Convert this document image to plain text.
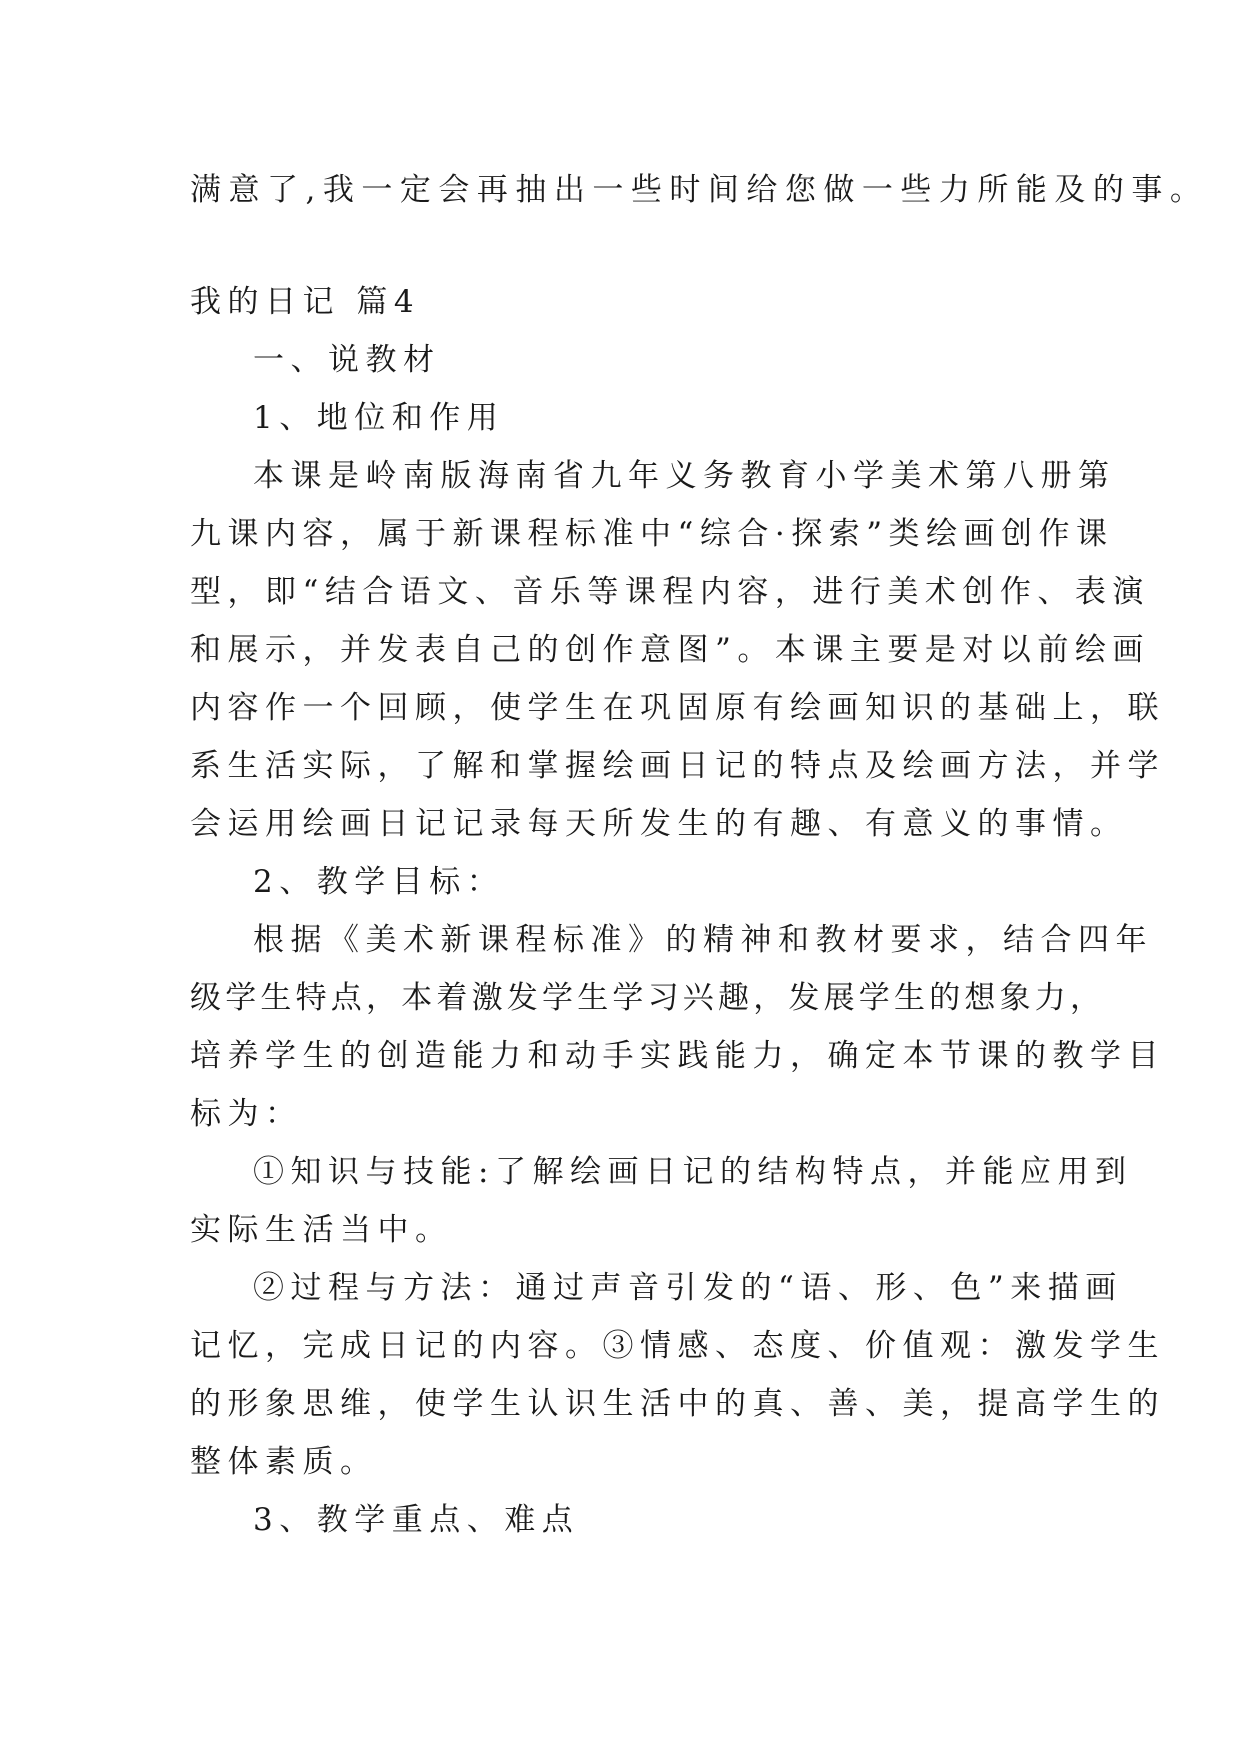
满意了,我一定会再抽出一些时间给您做一些力所能及的事。
我的日记 篇4
一、说教材
1、地位和作用
本课是岭南版海南省九年义务教育小学美术第八册第
九课内容，属于新课程标准中“综合·探索”类绘画创作课
型，即“结合语文、音乐等课程内容，进行美术创作、表演
和展示，并发表自己的创作意图”。本课主要是对以前绘画
内容作一个回顾，使学生在巩固原有绘画知识的基础上，联
系生活实际，了解和掌握绘画日记的特点及绘画方法，并学
会运用绘画日记记录每天所发生的有趣、有意义的事情。
2、教学目标：
根据《美术新课程标准》的精神和教材要求，结合四年
级学生特点，本着激发学生学习兴趣，发展学生的想象力，
培养学生的创造能力和动手实践能力，确定本节课的教学目
标为：
①知识与技能:了解绘画日记的结构特点，并能应用到
实际生活当中。
②过程与方法：通过声音引发的“语、形、色”来描画
记忆，完成日记的内容。③情感、态度、价值观：激发学生
的形象思维，使学生认识生活中的真、善、美，提高学生的
整体素质。
3、教学重点、难点
